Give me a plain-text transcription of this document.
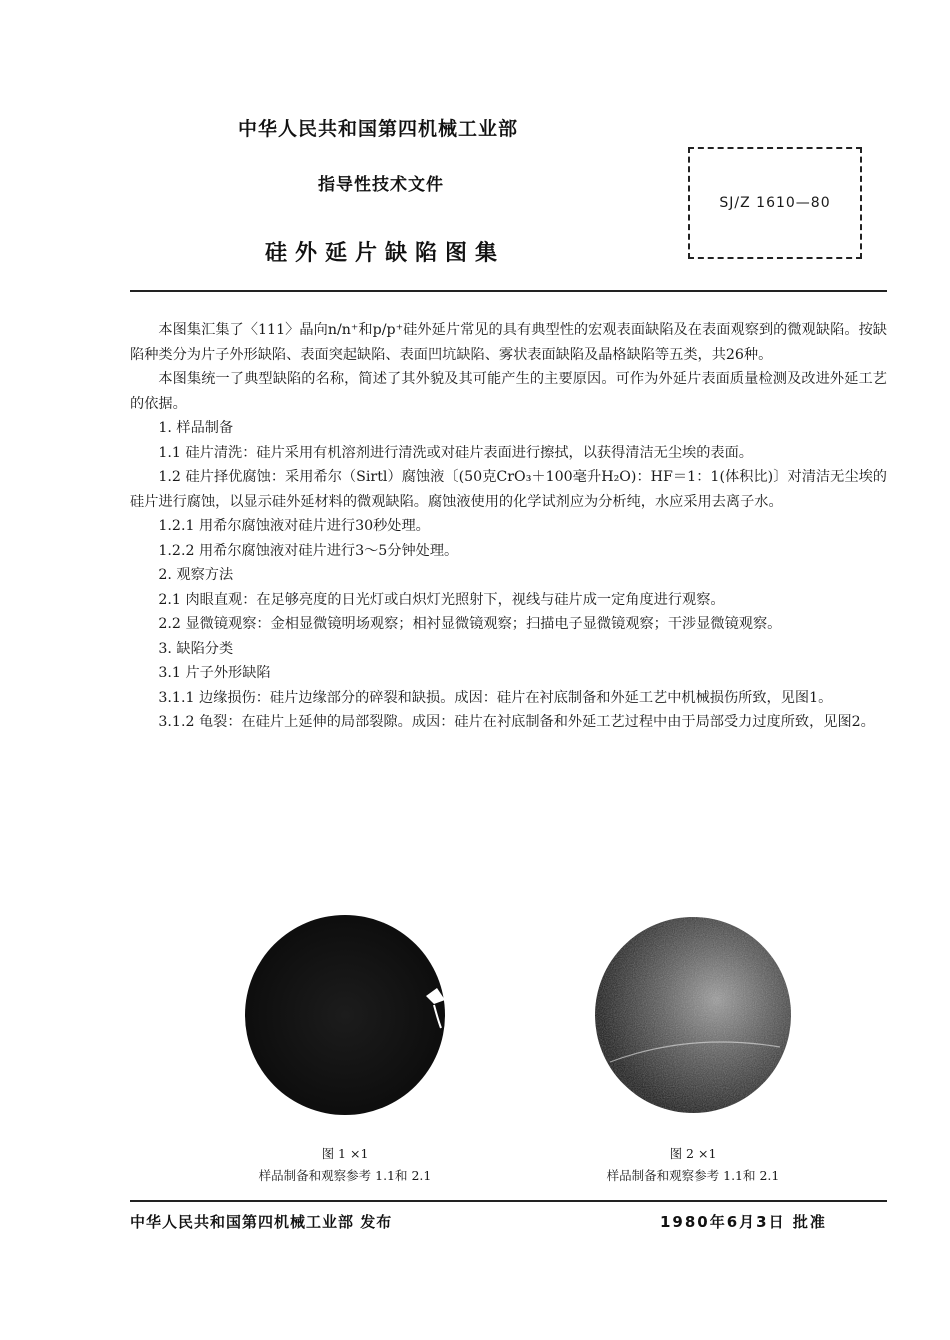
中华人民共和国第四机械工业部
指导性技术文件
硅外延片缺陷图集
SJ/Z 1610—80

本图集汇集了〈111〉晶向n/n⁺和p/p⁺硅外延片常见的具有典型性的宏观表面缺陷及在表面观察到的微观缺陷。按缺陷种类分为片子外形缺陷、表面突起缺陷、表面凹坑缺陷、雾状表面缺陷及晶格缺陷等五类，共26种。

本图集统一了典型缺陷的名称，简述了其外貌及其可能产生的主要原因。可作为外延片表面质量检测及改进外延工艺的依据。

1. 样品制备

1.1 硅片清洗：硅片采用有机溶剂进行清洗或对硅片表面进行擦拭，以获得清洁无尘埃的表面。

1.2 硅片择优腐蚀：采用希尔（Sirtl）腐蚀液〔(50克CrO₃＋100毫升H₂O)：HF＝1：1(体积比)〕对清洁无尘埃的硅片进行腐蚀，以显示硅外延材料的微观缺陷。腐蚀液使用的化学试剂应为分析纯，水应采用去离子水。

1.2.1 用希尔腐蚀液对硅片进行30秒处理。

1.2.2 用希尔腐蚀液对硅片进行3～5分钟处理。

2. 观察方法

2.1 肉眼直观：在足够亮度的日光灯或白炽灯光照射下，视线与硅片成一定角度进行观察。

2.2 显微镜观察：金相显微镜明场观察；相衬显微镜观察；扫描电子显微镜观察；干涉显微镜观察。

3. 缺陷分类

3.1 片子外形缺陷

3.1.1 边缘损伤：硅片边缘部分的碎裂和缺损。成因：硅片在衬底制备和外延工艺中机械损伤所致，见图1。

3.1.2 龟裂：在硅片上延伸的局部裂隙。成因：硅片在衬底制备和外延工艺过程中由于局部受力过度所致，见图2。

图 1 ×1
样品制备和观察参考 1.1和 2.1
图 2 ×1
样品制备和观察参考 1.1和 2.1
中华人民共和国第四机械工业部 发布	1980年6月3日 批准
